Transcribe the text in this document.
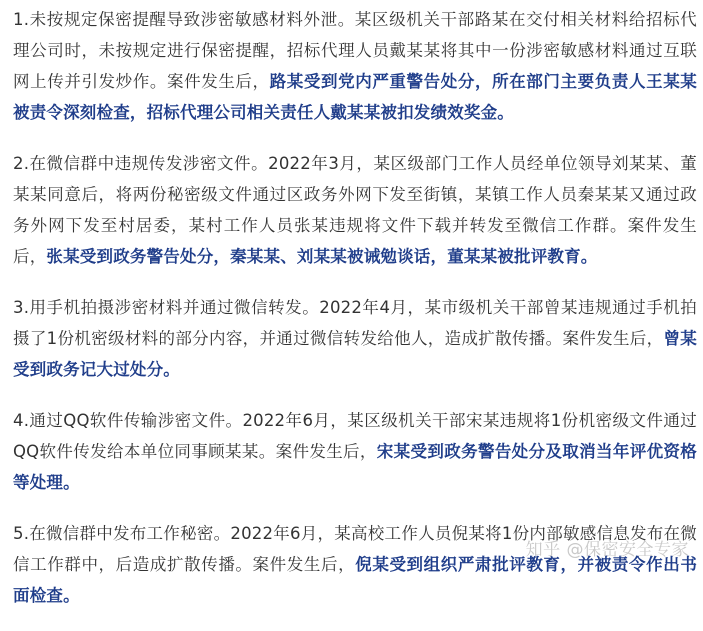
1.未按规定保密提醒导致涉密敏感材料外泄。某区级机关干部路某在交付相关材料给招标代理公司时，未按规定进行保密提醒，招标代理人员戴某某将其中一份涉密敏感材料通过互联网上传并引发炒作。案件发生后，路某受到党内严重警告处分，所在部门主要负责人王某某被责令深刻检查，招标代理公司相关责任人戴某某被扣发绩效奖金。

2.在微信群中违规传发涉密文件。2022年3月，某区级部门工作人员经单位领导刘某某、董某某同意后，将两份秘密级文件通过区政务外网下发至街镇，某镇工作人员秦某某又通过政务外网下发至村居委，某村工作人员张某违规将文件下载并转发至微信工作群。案件发生后，张某受到政务警告处分，秦某某、刘某某被诫勉谈话，董某某被批评教育。

3.用手机拍摄涉密材料并通过微信转发。2022年4月，某市级机关干部曾某违规通过手机拍摄了1份机密级材料的部分内容，并通过微信转发给他人，造成扩散传播。案件发生后，曾某受到政务记大过处分。

4.通过QQ软件传输涉密文件。2022年6月，某区级机关干部宋某违规将1份机密级文件通过QQ软件传发给本单位同事顾某某。案件发生后，宋某受到政务警告处分及取消当年评优资格等处理。

5.在微信群中发布工作秘密。2022年6月，某高校工作人员倪某将1份内部敏感信息发布在微信工作群中，后造成扩散传播。案件发生后，倪某受到组织严肃批评教育，并被责令作出书面检查。

知乎 @保密安全专家
